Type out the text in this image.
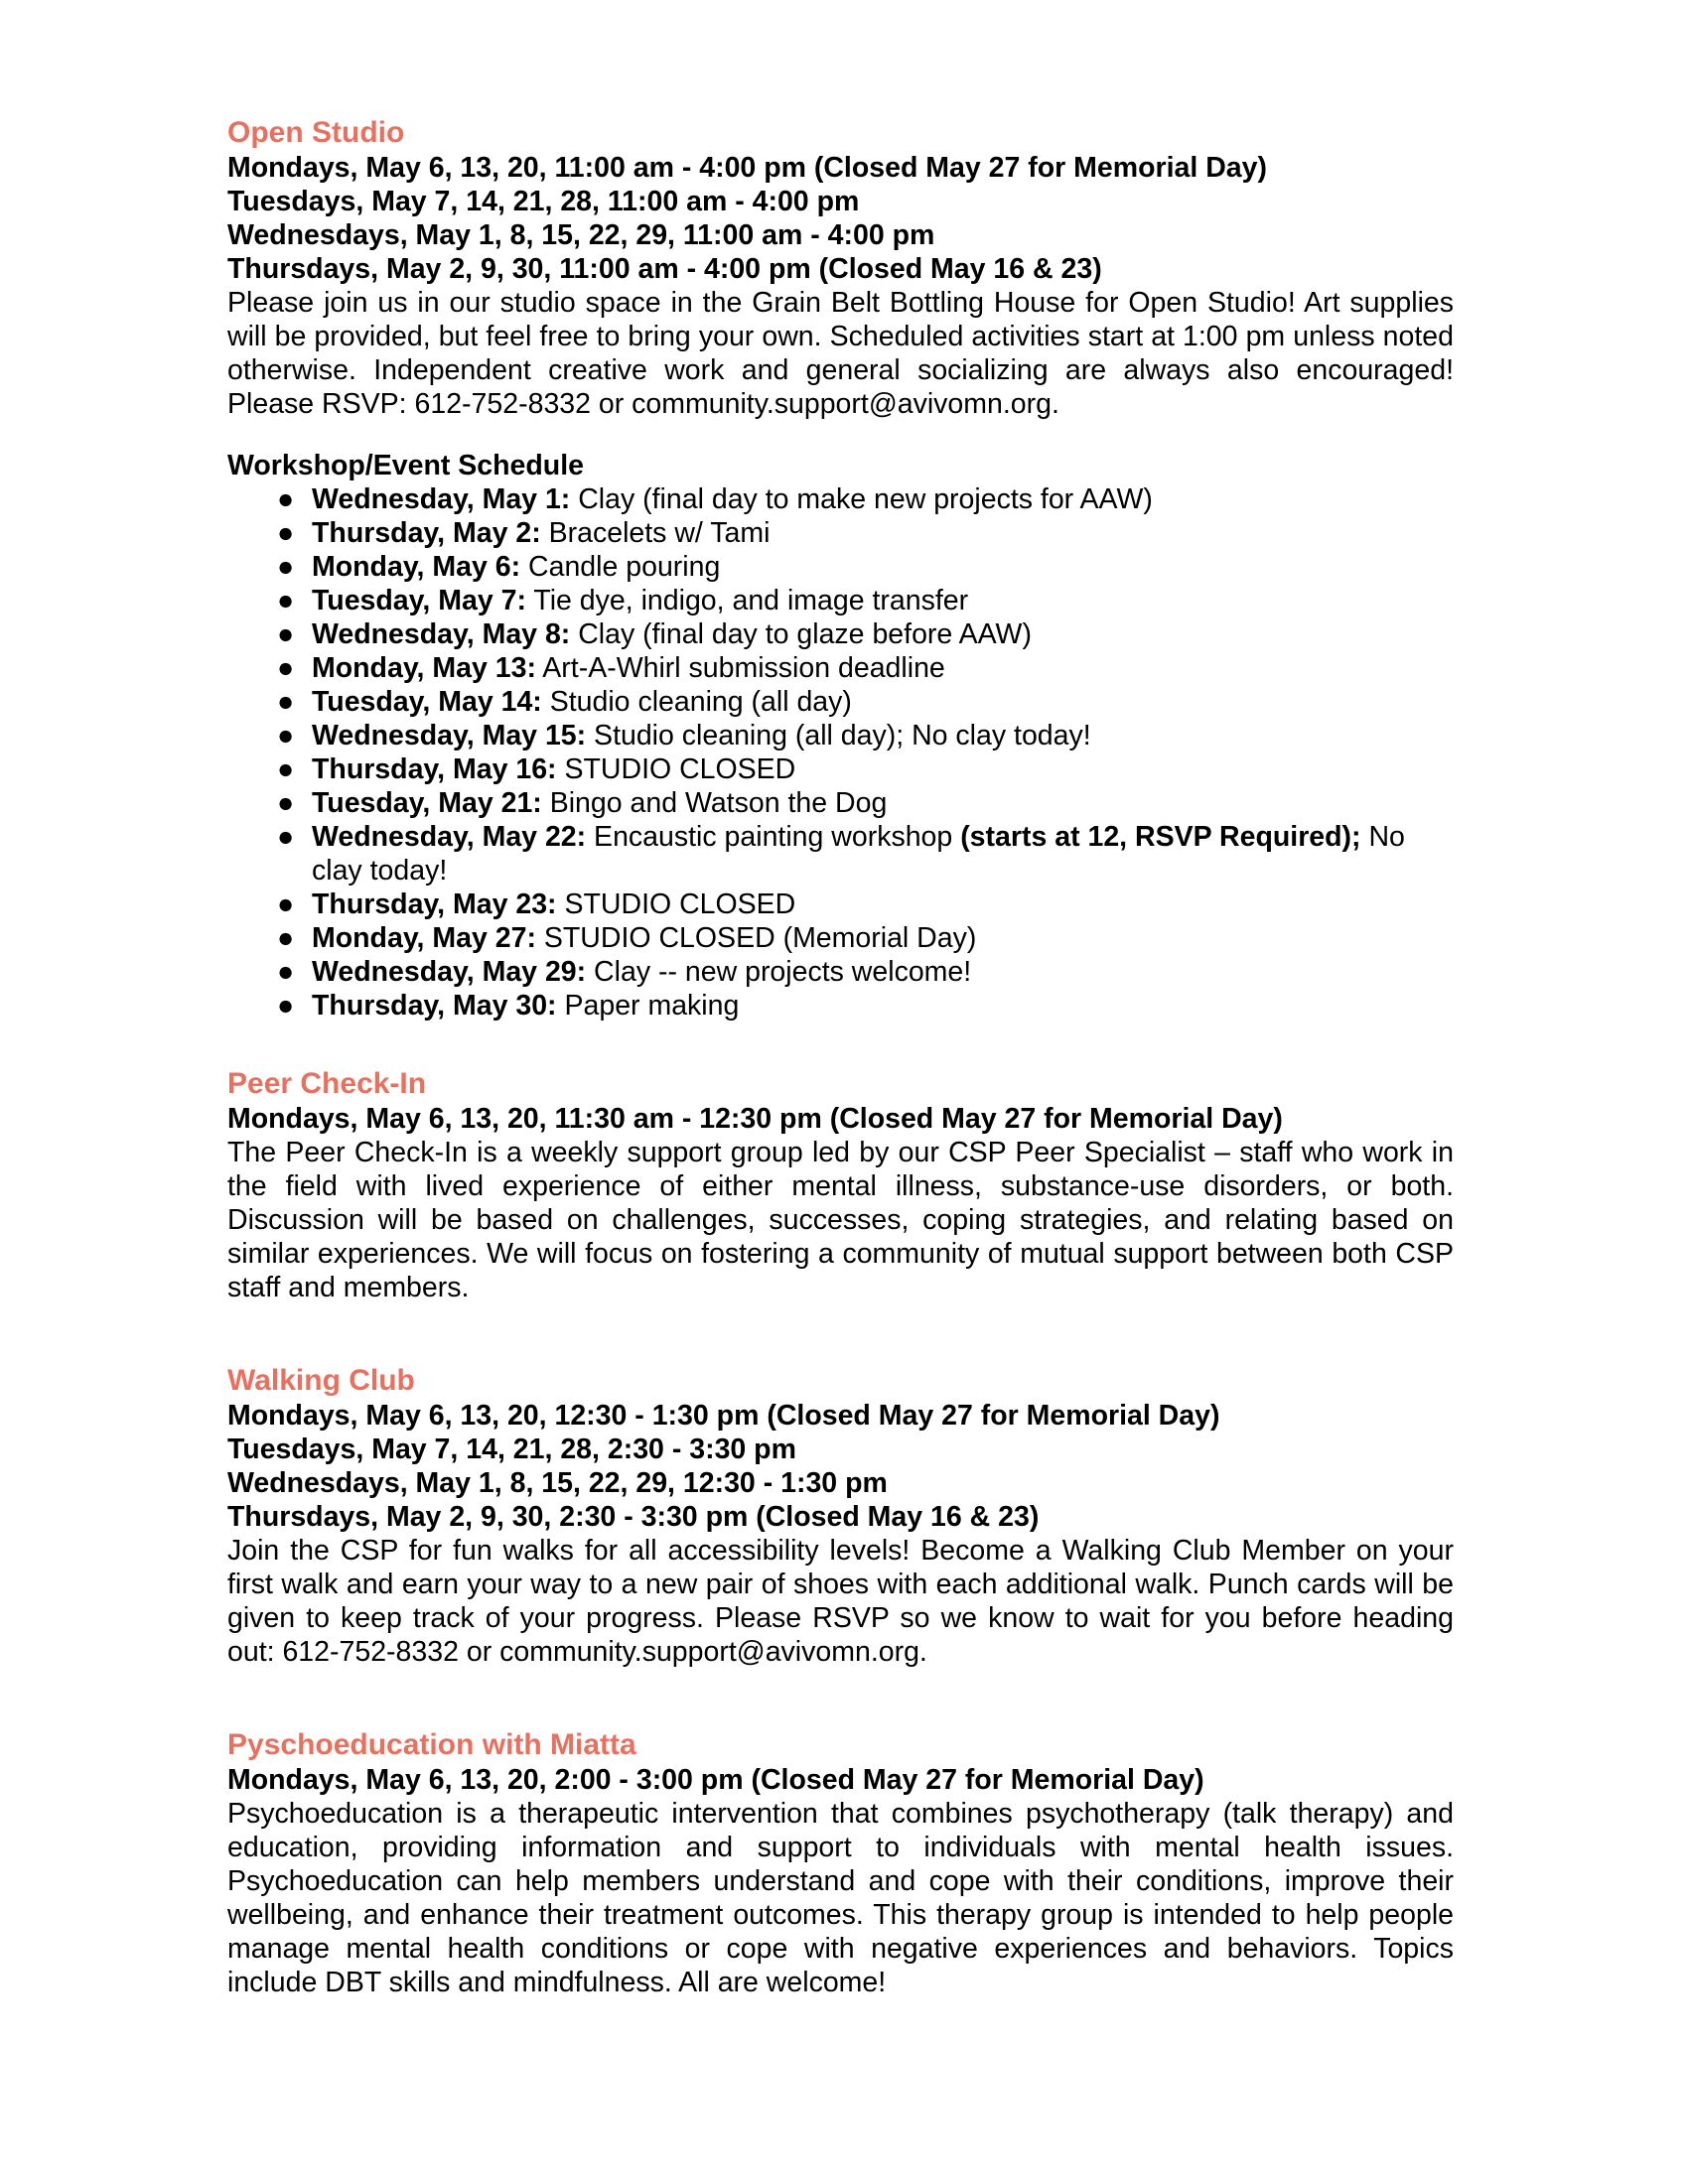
Open Studio

Mondays, May 6, 13, 20, 11:00 am - 4:00 pm (Closed May 27 for Memorial Day)

Tuesdays, May 7, 14, 21, 28, 11:00 am - 4:00 pm

Wednesdays, May 1, 8, 15, 22, 29, 11:00 am - 4:00 pm

Thursdays, May 2, 9, 30, 11:00 am - 4:00 pm (Closed May 16 & 23)

Please join us in our studio space in the Grain Belt Bottling House for Open Studio! Art supplies will be provided, but feel free to bring your own. Scheduled activities start at 1:00 pm unless noted otherwise. Independent creative work and general socializing are always also encouraged! Please RSVP: 612-752-8332 or community.support@avivomn.org.

Workshop/Event Schedule

● Wednesday, May 1: Clay (final day to make new projects for AAW)
● Thursday, May 2: Bracelets w/ Tami
● Monday, May 6: Candle pouring
● Tuesday, May 7: Tie dye, indigo, and image transfer
● Wednesday, May 8: Clay (final day to glaze before AAW)
● Monday, May 13: Art-A-Whirl submission deadline
● Tuesday, May 14: Studio cleaning (all day)
● Wednesday, May 15: Studio cleaning (all day); No clay today!
● Thursday, May 16: STUDIO CLOSED
● Tuesday, May 21: Bingo and Watson the Dog
● Wednesday, May 22: Encaustic painting workshop (starts at 12, RSVP Required); No clay today!
● Thursday, May 23: STUDIO CLOSED
● Monday, May 27: STUDIO CLOSED (Memorial Day)
● Wednesday, May 29: Clay -- new projects welcome!
● Thursday, May 30: Paper making
Peer Check-In

Mondays, May 6, 13, 20, 11:30 am - 12:30 pm (Closed May 27 for Memorial Day)

The Peer Check-In is a weekly support group led by our CSP Peer Specialist – staff who work in the field with lived experience of either mental illness, substance-use disorders, or both. Discussion will be based on challenges, successes, coping strategies, and relating based on similar experiences. We will focus on fostering a community of mutual support between both CSP staff and members.

Walking Club

Mondays, May 6, 13, 20, 12:30 - 1:30 pm (Closed May 27 for Memorial Day)

Tuesdays, May 7, 14, 21, 28, 2:30 - 3:30 pm

Wednesdays, May 1, 8, 15, 22, 29, 12:30 - 1:30 pm

Thursdays, May 2, 9, 30, 2:30 - 3:30 pm (Closed May 16 & 23)

Join the CSP for fun walks for all accessibility levels! Become a Walking Club Member on your first walk and earn your way to a new pair of shoes with each additional walk. Punch cards will be given to keep track of your progress. Please RSVP so we know to wait for you before heading out: 612-752-8332 or community.support@avivomn.org.

Pyschoeducation with Miatta

Mondays, May 6, 13, 20, 2:00 - 3:00 pm (Closed May 27 for Memorial Day)

Psychoeducation is a therapeutic intervention that combines psychotherapy (talk therapy) and education, providing information and support to individuals with mental health issues. Psychoeducation can help members understand and cope with their conditions, improve their wellbeing, and enhance their treatment outcomes. This therapy group is intended to help people manage mental health conditions or cope with negative experiences and behaviors. Topics include DBT skills and mindfulness. All are welcome!
